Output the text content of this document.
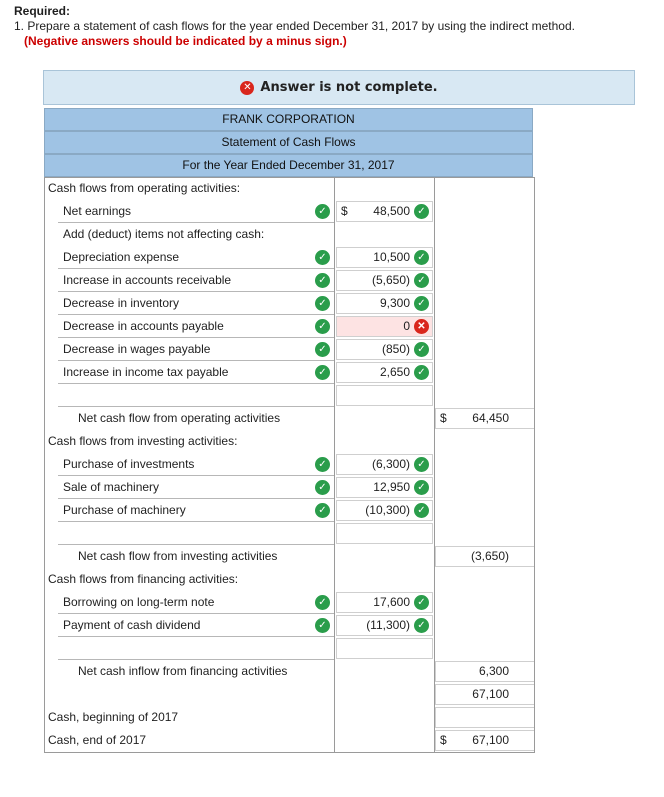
Required:
1. Prepare a statement of cash flows for the year ended December 31, 2017 by using the indirect method.
(Negative answers should be indicated by a minus sign.)
✕ Answer is not complete.
FRANK CORPORATION
Statement of Cash Flows
For the Year Ended December 31, 2017
Cash flows from operating activities:
Net earnings	✓ $ 48,500 ✓
Add (deduct) items not affecting cash:
Depreciation expense	✓	10,500 ✓
Increase in accounts receivable	✓	(5,650) ✓
Decrease in inventory	✓	9,300 ✓
Decrease in accounts payable	✓	0 ✕
Decrease in wages payable	✓	(850) ✓
Increase in income tax payable	✓	2,650 ✓
Net cash flow from operating activities	$ 64,450
Cash flows from investing activities:
Purchase of investments	✓	(6,300) ✓
Sale of machinery	✓	12,950 ✓
Purchase of machinery	✓	(10,300) ✓
Net cash flow from investing activities	(3,650)
Cash flows from financing activities:
Borrowing on long-term note	✓	17,600 ✓
Payment of cash dividend	✓	(11,300) ✓
Net cash inflow from financing activities	6,300
67,100
Cash, beginning of 2017
Cash, end of 2017	$ 67,100
